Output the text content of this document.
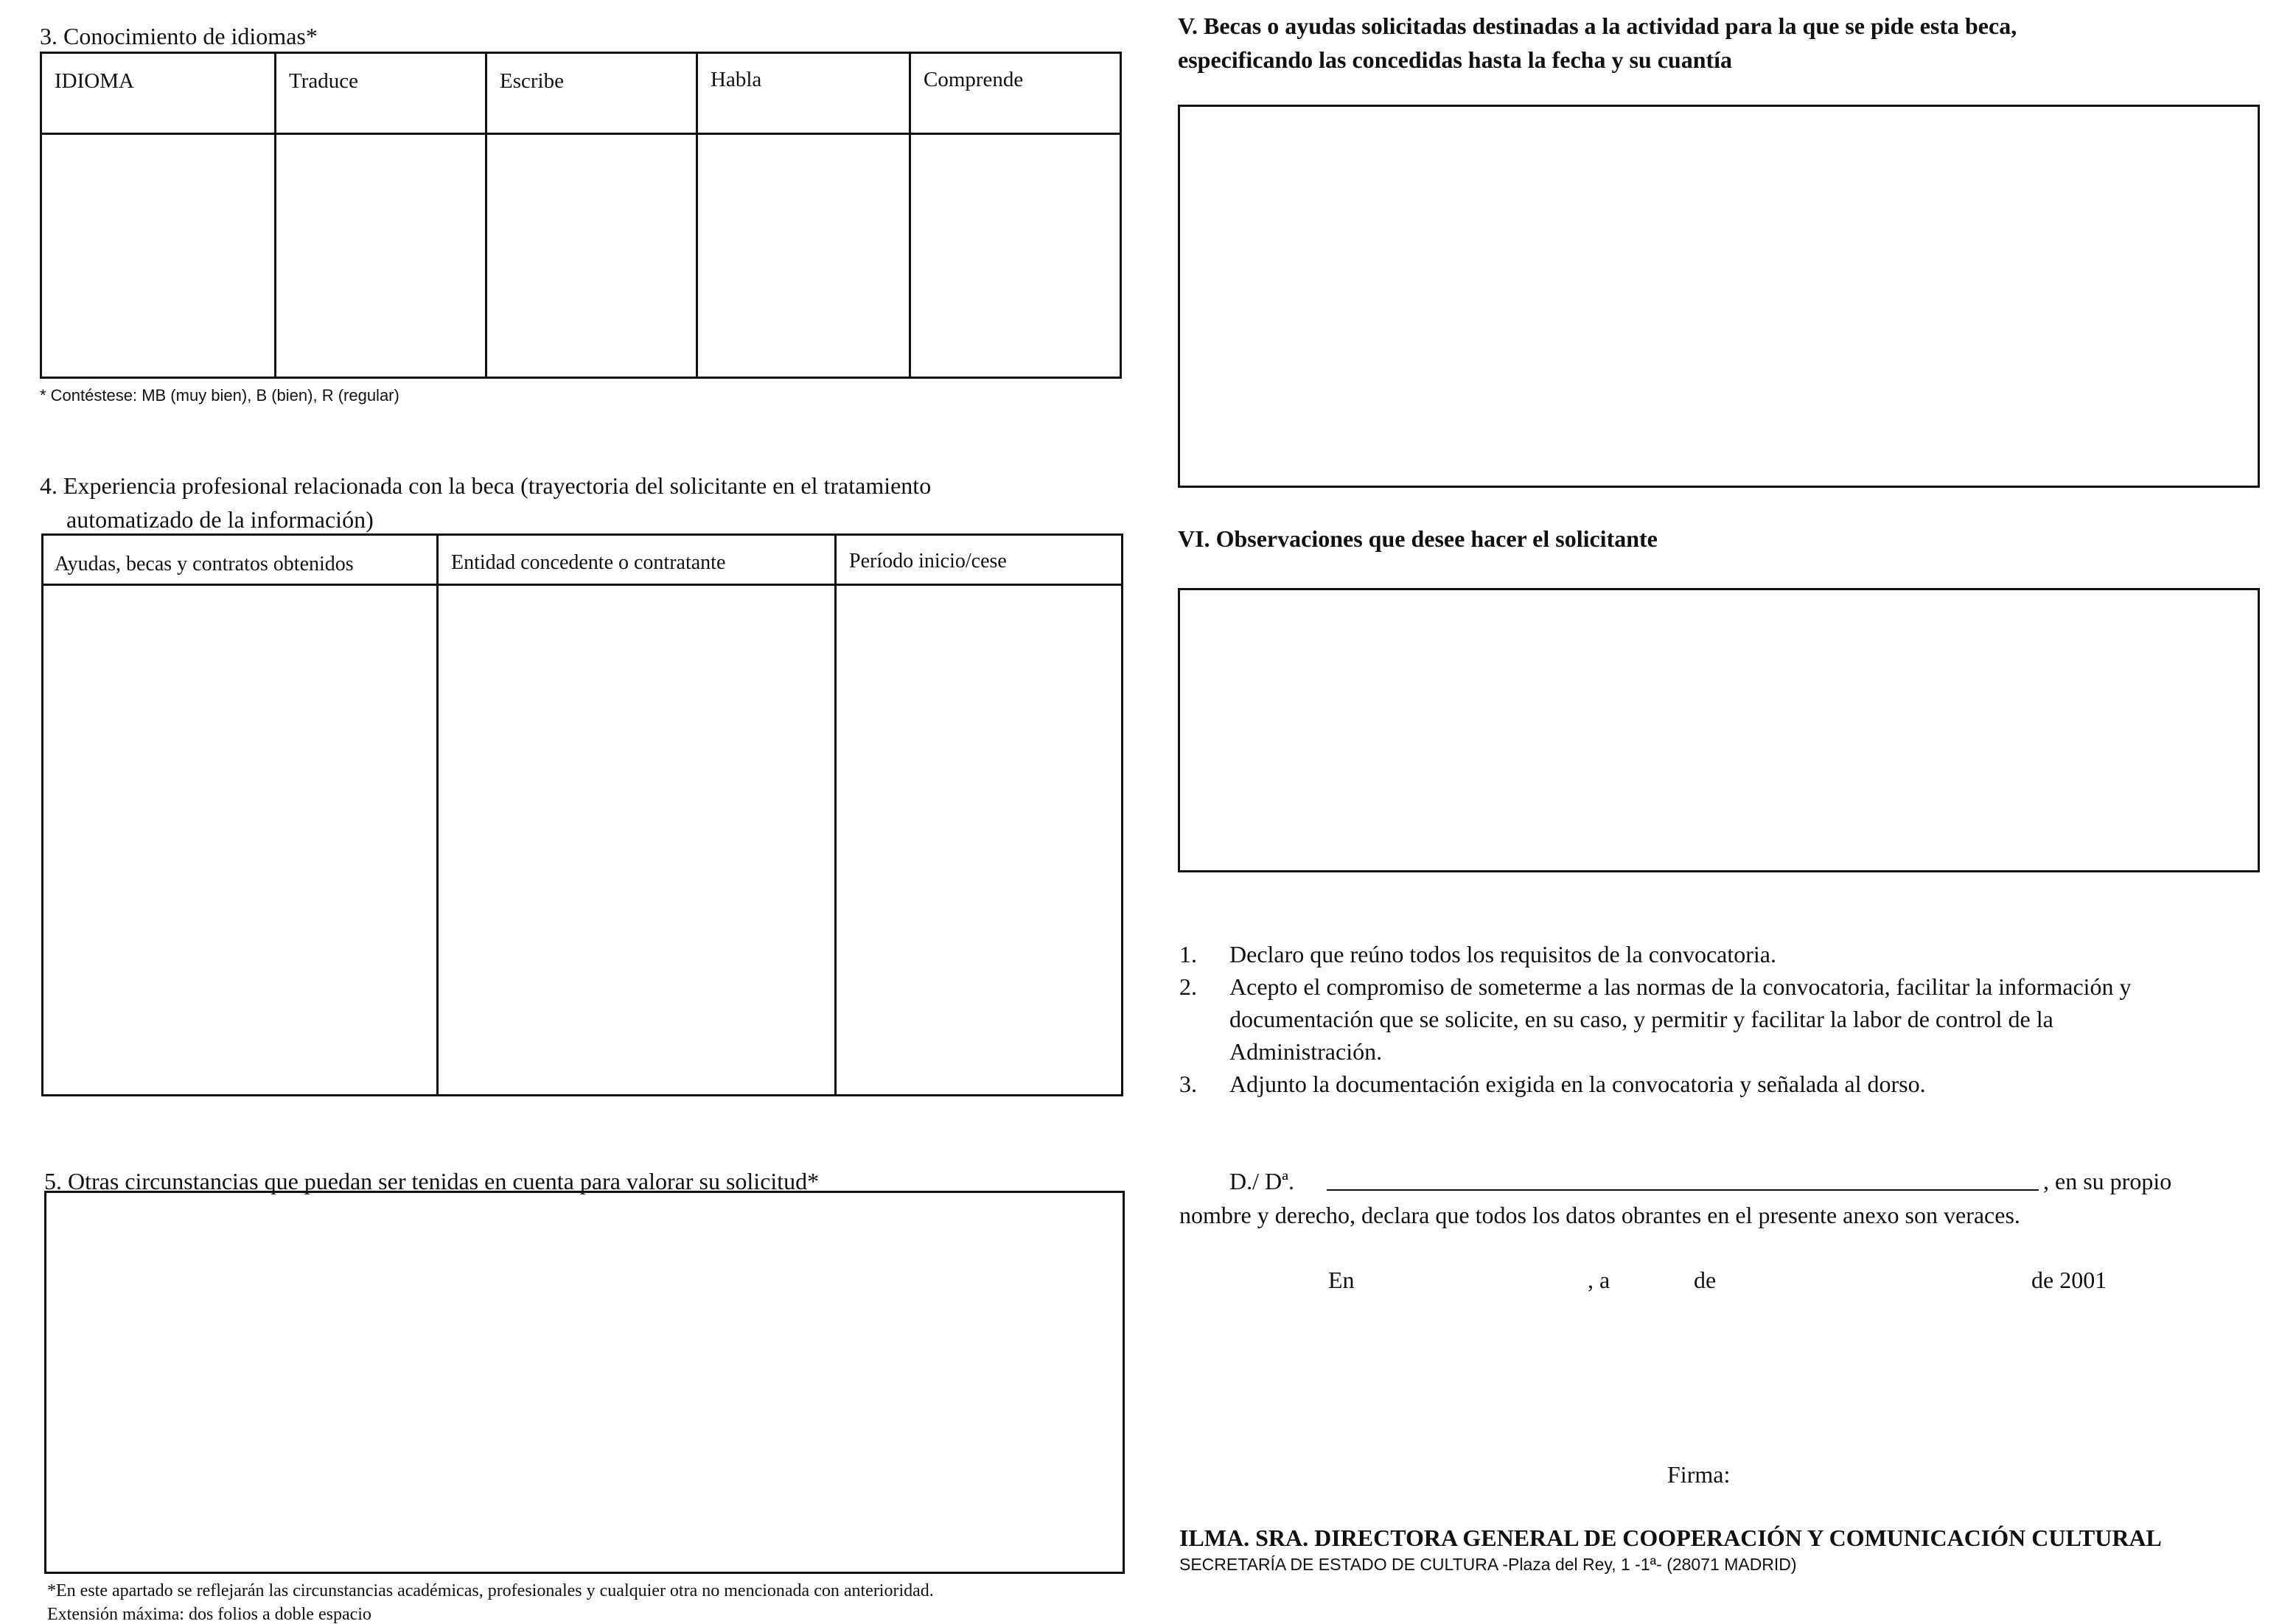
3. Conocimiento de idiomas*
IDIOMA	Traduce	Escribe	Habla	Comprende
* Contéstese: MB (muy bien), B (bien), R (regular)
4. Experiencia profesional relacionada con la beca (trayectoria del solicitante en el tratamiento
automatizado de la información)
Ayudas, becas y contratos obtenidos	Entidad concedente o contratante	Período inicio/cese
5. Otras circunstancias que puedan ser tenidas en cuenta para valorar su solicitud*
*En este apartado se reflejarán las circunstancias académicas, profesionales y cualquier otra no mencionada con anterioridad.
Extensión máxima: dos folios a doble espacio
V. Becas o ayudas solicitadas destinadas a la actividad para la que se pide esta beca,
especificando las concedidas hasta la fecha y su cuantía
VI. Observaciones que desee hacer el solicitante
1. Declaro que reúno todos los requisitos de la convocatoria.
2. Acepto el compromiso de someterme a las normas de la convocatoria, facilitar la información y
documentación que se solicite, en su caso, y permitir y facilitar la labor de control de la
Administración.
3. Adjunto la documentación exigida en la convocatoria y señalada al dorso.
D./ Dª.	, en su propio
nombre y derecho, declara que todos los datos obrantes en el presente anexo son veraces.
En	, a	de	de 2001
Firma:
ILMA. SRA. DIRECTORA GENERAL DE COOPERACIÓN Y COMUNICACIÓN CULTURAL
SECRETARÍA DE ESTADO DE CULTURA -Plaza del Rey, 1 -1ª- (28071 MADRID)
